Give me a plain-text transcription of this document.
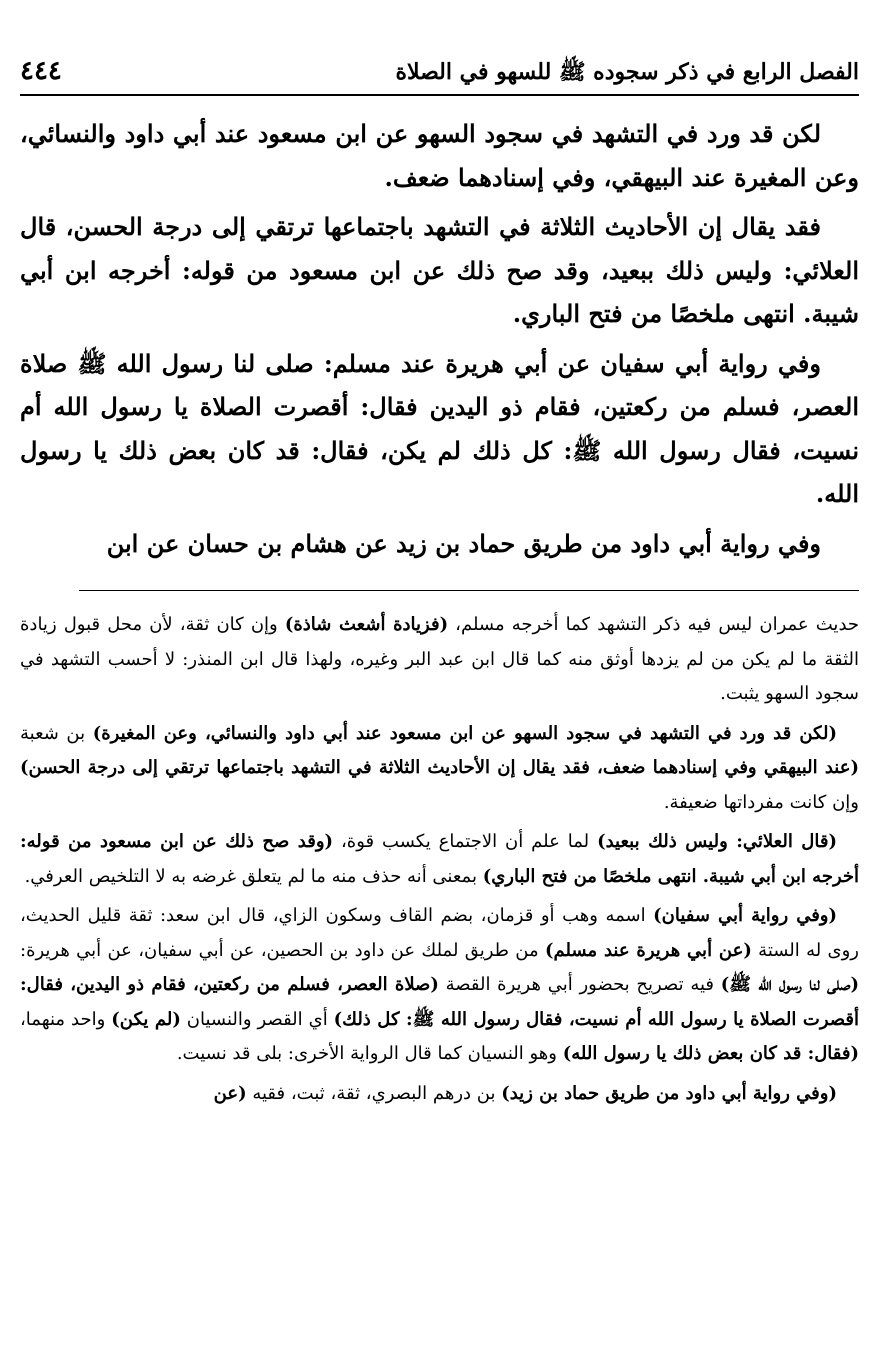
الفصل الرابع في ذكر سجوده ﷺ للسهو في الصلاة
٤٤٤

لكن قد ورد في التشهد في سجود السهو عن ابن مسعود عند أبي داود والنسائي، وعن المغيرة عند البيهقي، وفي إسنادهما ضعف.

فقد يقال إن الأحاديث الثلاثة في التشهد باجتماعها ترتقي إلى درجة الحسن، قال العلائي: وليس ذلك ببعيد، وقد صح ذلك عن ابن مسعود من قوله: أخرجه ابن أبي شيبة. انتهى ملخصًا من فتح الباري.

وفي رواية أبي سفيان عن أبي هريرة عند مسلم: صلى لنا رسول الله ﷺ صلاة العصر، فسلم من ركعتين، فقام ذو اليدين فقال: أقصرت الصلاة يا رسول الله أم نسيت، فقال رسول الله ﷺ: كل ذلك لم يكن، فقال: قد كان بعض ذلك يا رسول الله.

وفي رواية أبي داود من طريق حماد بن زيد عن هشام بن حسان عن ابن

حديث عمران ليس فيه ذكر التشهد كما أخرجه مسلم، (فزيادة أشعث شاذة) وإن كان ثقة، لأن محل قبول زيادة الثقة ما لم يكن من لم يزدها أوثق منه كما قال ابن عبد البر وغيره، ولهذا قال ابن المنذر: لا أحسب التشهد في سجود السهو يثبت.

(لكن قد ورد في التشهد في سجود السهو عن ابن مسعود عند أبي داود والنسائي، وعن المغيرة) بن شعبة (عند البيهقي وفي إسنادهما ضعف، فقد يقال إن الأحاديث الثلاثة في التشهد باجتماعها ترتقي إلى درجة الحسن) وإن كانت مفرداتها ضعيفة.

(قال العلائي: وليس ذلك ببعيد) لما علم أن الاجتماع يكسب قوة، (وقد صح ذلك عن ابن مسعود من قوله: أخرجه ابن أبي شيبة. انتهى ملخصًا من فتح الباري) بمعنى أنه حذف منه ما لم يتعلق غرضه به لا التلخيص العرفي.

(وفي رواية أبي سفيان) اسمه وهب أو قزمان، بضم القاف وسكون الزاي، قال ابن سعد: ثقة قليل الحديث، روى له الستة (عن أبي هريرة عند مسلم) من طريق لملك عن داود بن الحصين، عن أبي سفيان، عن أبي هريرة: (صلى لنا رسول الله ﷺ) فيه تصريح بحضور أبي هريرة القصة (صلاة العصر، فسلم من ركعتين، فقام ذو اليدين، فقال: أقصرت الصلاة يا رسول الله أم نسيت، فقال رسول الله ﷺ: كل ذلك) أي القصر والنسيان (لم يكن) واحد منهما، (فقال: قد كان بعض ذلك يا رسول الله) وهو النسيان كما قال الرواية الأخرى: بلى قد نسيت.

(وفي رواية أبي داود من طريق حماد بن زيد) بن درهم البصري، ثقة، ثبت، فقيه (عن
